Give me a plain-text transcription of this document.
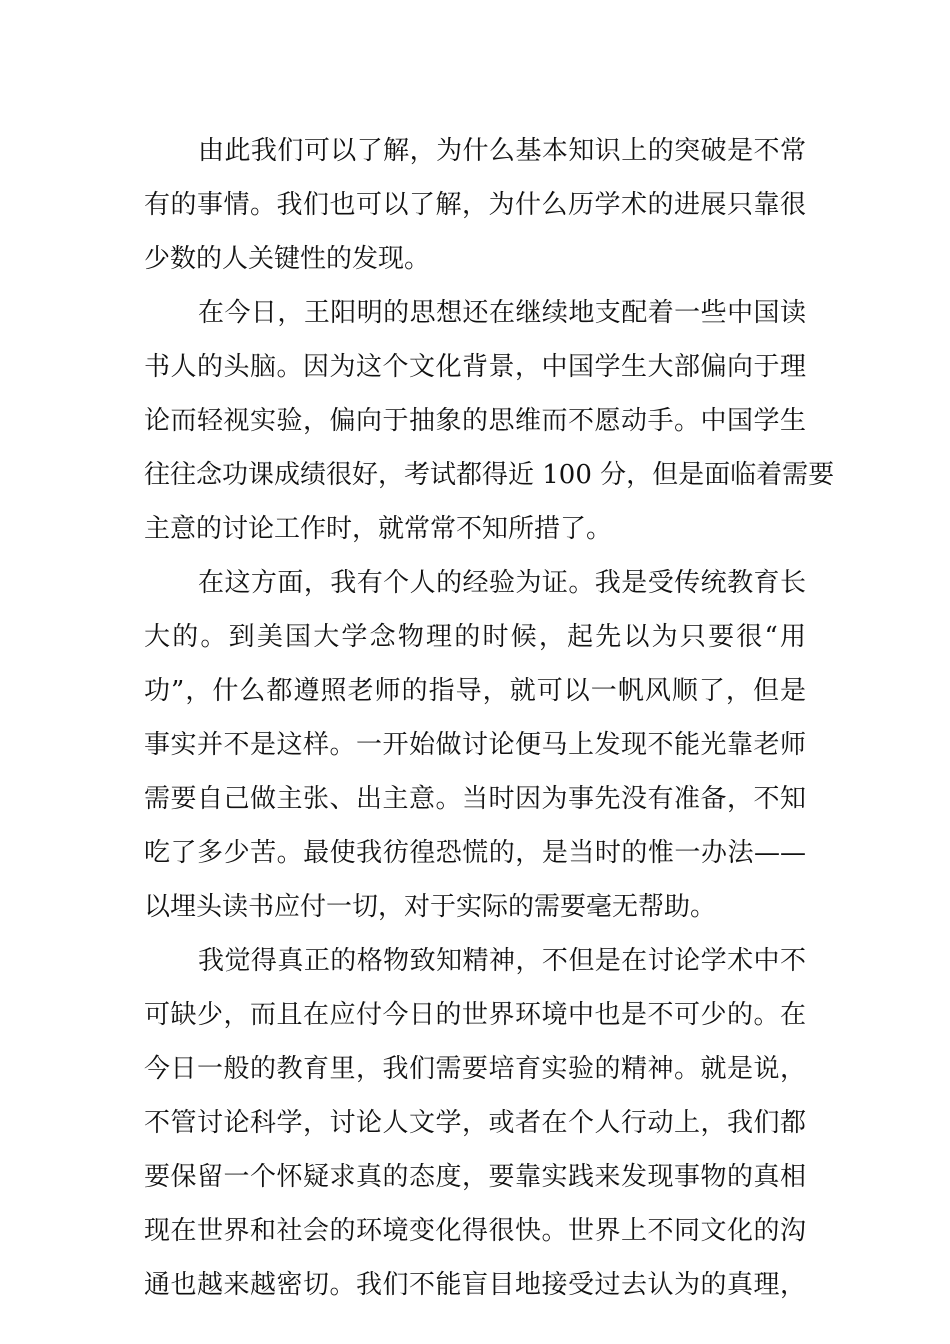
由此我们可以了解，为什么基本知识上的突破是不常
有的事情。我们也可以了解，为什么历学术的进展只靠很
少数的人关键性的发现。
在今日，王阳明的思想还在继续地支配着一些中国读
书人的头脑。因为这个文化背景，中国学生大部偏向于理
论而轻视实验，偏向于抽象的思维而不愿动手。中国学生
往往念功课成绩很好，考试都得近 100 分，但是面临着需要
主意的讨论工作时，就常常不知所措了。
在这方面，我有个人的经验为证。我是受传统教育长
大的。到美国大学念物理的时候，起先以为只要很“用
功”，什么都遵照老师的指导，就可以一帆风顺了，但是
事实并不是这样。一开始做讨论便马上发现不能光靠老师
需要自己做主张、出主意。当时因为事先没有准备，不知
吃了多少苦。最使我彷徨恐慌的，是当时的惟一办法——
以埋头读书应付一切，对于实际的需要毫无帮助。
我觉得真正的格物致知精神，不但是在讨论学术中不
可缺少，而且在应付今日的世界环境中也是不可少的。在
今日一般的教育里，我们需要培育实验的精神。就是说，
不管讨论科学，讨论人文学，或者在个人行动上，我们都
要保留一个怀疑求真的态度，要靠实践来发现事物的真相
现在世界和社会的环境变化得很快。世界上不同文化的沟
通也越来越密切。我们不能盲目地接受过去认为的真理，
